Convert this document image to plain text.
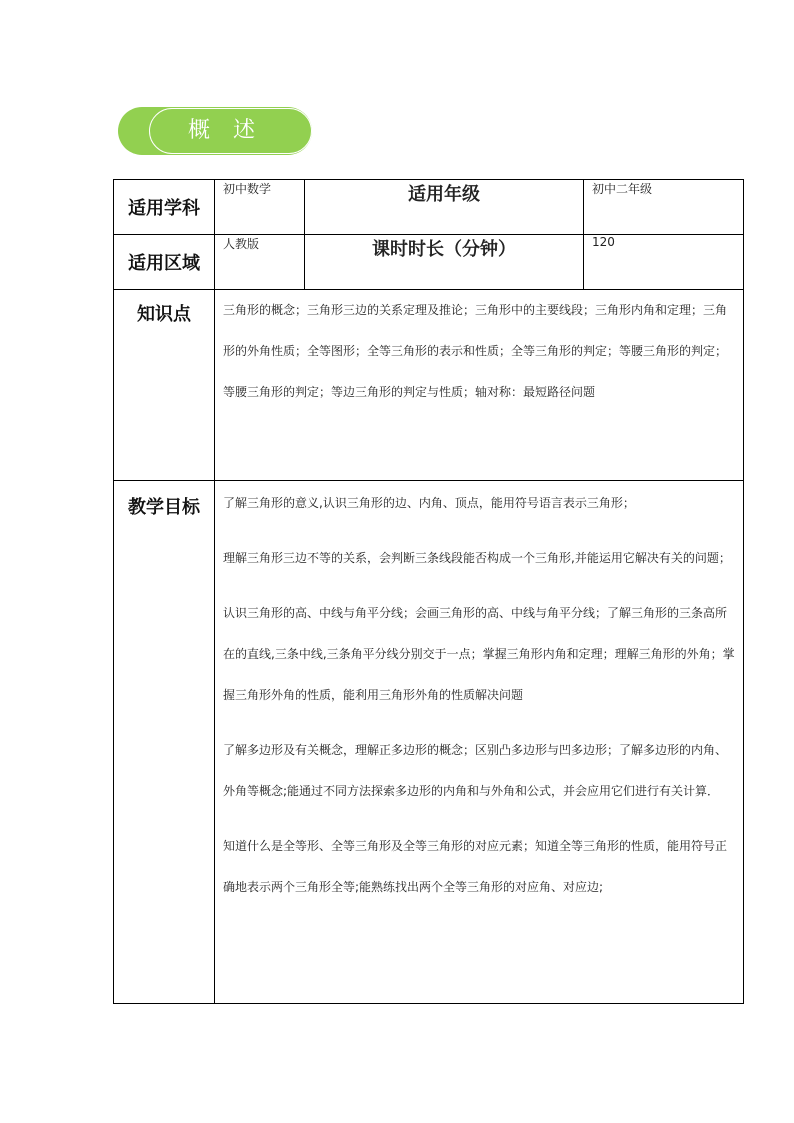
概 述
适用学科	初中数学	适用年级	初中二年级
适用区域	人教版	课时时长（分钟）	120
知识点	三角形的概念；三角形三边的关系定理及推论；三角形中的主要线段；三角形内角和定理；三角形的外角性质；全等图形；全等三角形的表示和性质；全等三角形的判定；等腰三角形的判定；等腰三角形的判定；等边三角形的判定与性质；轴对称：最短路径问题		

教学目标	了解三角形的意义,认识三角形的边、内角、顶点，能用符号语言表示三角形；

理解三角形三边不等的关系，会判断三条线段能否构成一个三角形,并能运用它解决有关的问题；

认识三角形的高、中线与角平分线；会画三角形的高、中线与角平分线；了解三角形的三条高所在的直线,三条中线,三条角平分线分别交于一点；掌握三角形内角和定理；理解三角形的外角；掌握三角形外角的性质，能利用三角形外角的性质解决问题

了解多边形及有关概念，理解正多边形的概念；区别凸多边形与凹多边形；了解多边形的内角、外角等概念;能通过不同方法探索多边形的内角和与外角和公式，并会应用它们进行有关计算．

知道什么是全等形、全等三角形及全等三角形的对应元素；知道全等三角形的性质，能用符号正确地表示两个三角形全等;能熟练找出两个全等三角形的对应角、对应边;		
